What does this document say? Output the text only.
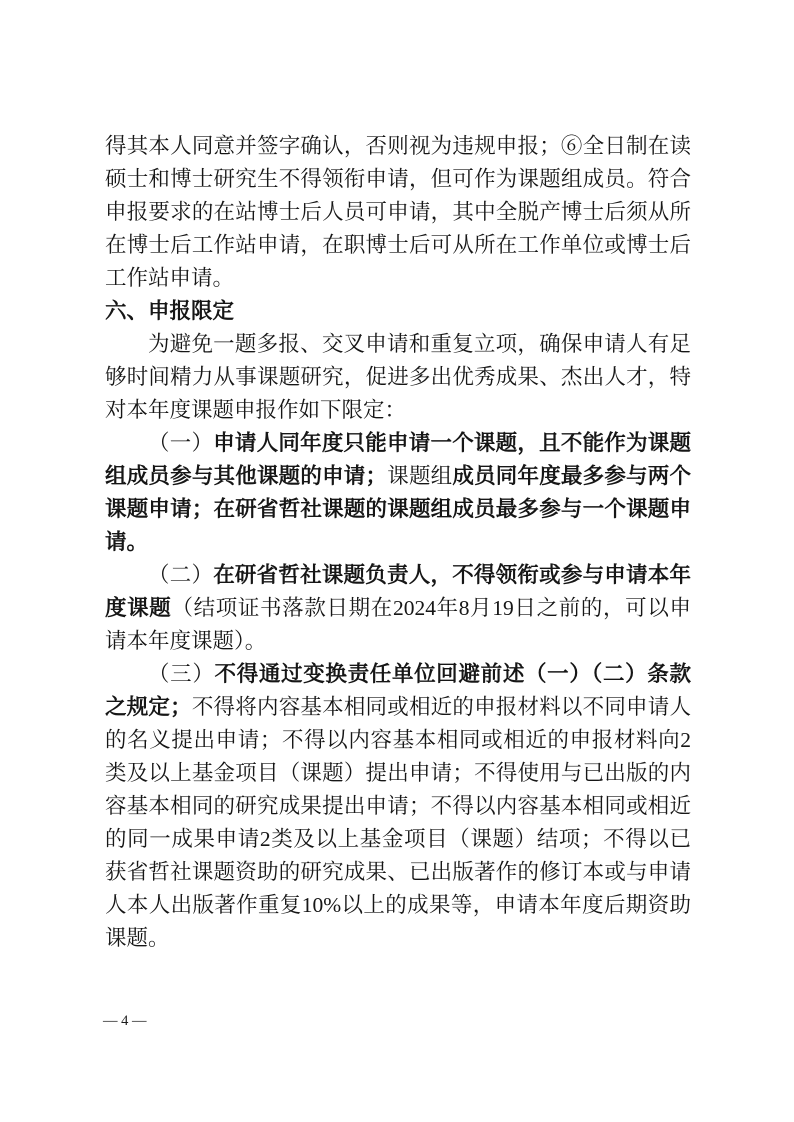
得其本人同意并签字确认，否则视为违规申报；⑥全日制在读硕士和博士研究生不得领衔申请，但可作为课题组成员。符合申报要求的在站博士后人员可申请，其中全脱产博士后须从所在博士后工作站申请，在职博士后可从所在工作单位或博士后工作站申请。

六、申报限定

为避免一题多报、交叉申请和重复立项，确保申请人有足够时间精力从事课题研究，促进多出优秀成果、杰出人才，特对本年度课题申报作如下限定：

（一）申请人同年度只能申请一个课题，且不能作为课题组成员参与其他课题的申请；课题组成员同年度最多参与两个课题申请；在研省哲社课题的课题组成员最多参与一个课题申请。

（二）在研省哲社课题负责人，不得领衔或参与申请本年度课题（结项证书落款日期在2024年8月19日之前的，可以申请本年度课题）。

（三）不得通过变换责任单位回避前述（一）（二）条款之规定；不得将内容基本相同或相近的申报材料以不同申请人的名义提出申请；不得以内容基本相同或相近的申报材料向2类及以上基金项目（课题）提出申请；不得使用与已出版的内容基本相同的研究成果提出申请；不得以内容基本相同或相近的同一成果申请2类及以上基金项目（课题）结项；不得以已获省哲社课题资助的研究成果、已出版著作的修订本或与申请人本人出版著作重复10%以上的成果等，申请本年度后期资助课题。

— 4 —
